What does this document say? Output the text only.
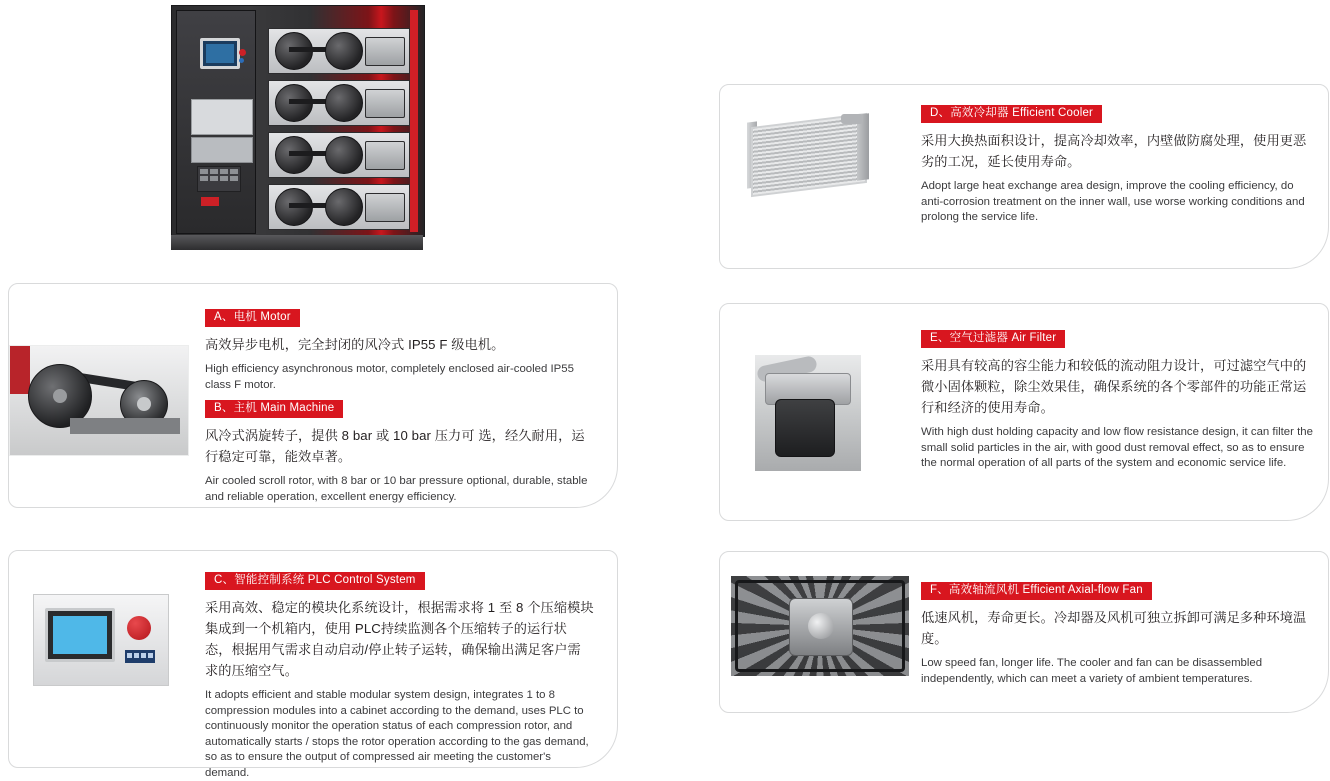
A、电机 Motor

高效异步电机，完全封闭的风冷式 IP55 F 级电机。

High efficiency asynchronous motor, completely enclosed air-cooled IP55 class F motor.

B、主机 Main Machine

风冷式涡旋转子，提供 8 bar 或 10 bar 压力可 选，经久耐用，运行稳定可靠，能效卓著。

Air cooled scroll rotor, with 8 bar or 10 bar pressure optional, durable, stable and reliable operation, excellent energy efficiency.

C、智能控制系统 PLC Control System

采用高效、稳定的模块化系统设计，根据需求将 1 至 8 个压缩模块集成到一个机箱内，使用 PLC持续监测各个压缩转子的运行状 态，根据用气需求自动启动/停止转子运转，确保输出满足客户需 求的压缩空气。

It adopts efficient and stable modular system design, integrates 1 to 8 compression modules into a cabinet according to the demand, uses PLC to continuously monitor the operation status of each compression rotor, and automatically starts / stops the rotor operation according to the gas demand, so as to ensure the output of compressed air meeting the customer's demand.

D、高效冷却器 Efficient Cooler

采用大换热面积设计，提高冷却效率，内壁做防腐处理，使用更恶劣的工况，延长使用寿命。

Adopt large heat exchange area design, improve the cooling efficiency, do anti-corrosion treatment on the inner wall, use worse working conditions and prolong the service life.

E、空气过滤器 Air Filter

采用具有较高的容尘能力和较低的流动阻力设计，可过滤空气中的微小固体颗粒，除尘效果佳，确保系统的各个零部件的功能正常运行和经济的使用寿命。

With high dust holding capacity and low flow resistance design, it can filter the small solid particles in the air, with good dust removal effect, so as to ensure the normal operation of all parts of the system and economic service life.

F、高效轴流风机 Efficient Axial-flow Fan

低速风机，寿命更长。冷却器及风机可独立拆卸可满足多种环境温度。

Low speed fan, longer life. The cooler and fan can be disassembled independently, which can meet a variety of ambient temperatures.
